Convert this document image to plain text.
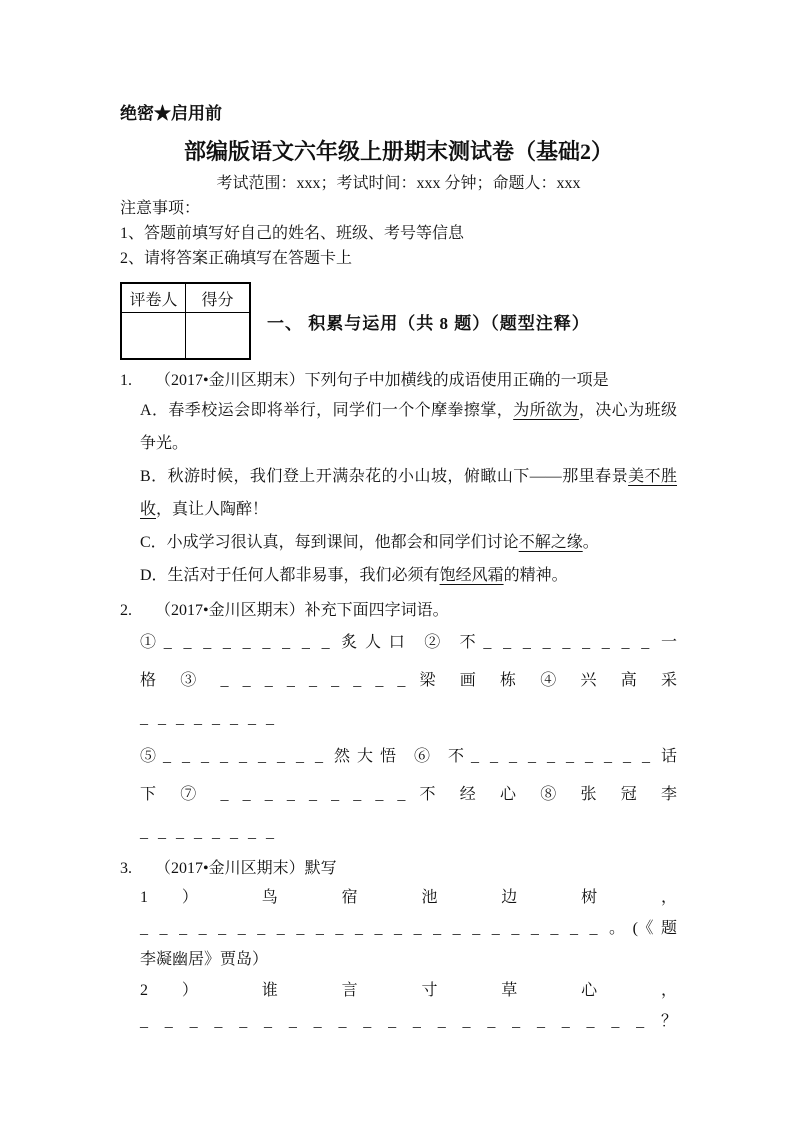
绝密★启用前
部编版语文六年级上册期末测试卷（基础2）
考试范围：xxx；考试时间：xxx 分钟；命题人：xxx
注意事项：
1、答题前填写好自己的姓名、班级、考号等信息
2、请将答案正确填写在答题卡上
评卷人	得分

一、 积累与运用（共 8 题）（题型注释）
1. （2017•金川区期末）下列句子中加横线的成语使用正确的一项是
A．春季校运会即将举行，同学们一个个摩拳擦掌，为所欲为，决心为班级争光。
B．秋游时候，我们登上开满杂花的小山坡，俯瞰山下——那里春景美不胜收，真让人陶醉！
C．小成学习很认真，每到课间，他都会和同学们讨论不解之缘。
D．生活对于任何人都非易事，我们必须有饱经风霜的精神。
2. （2017•金川区期末）补充下面四字词语。
①_ _ _ _ _ _ _ _ _ 炙人口 ② 不_ _ _ _ _ _ _ _ _ 一
格 ③ _ _ _ _ _ _ _ _ _ 梁 画 栋 ④ 兴 高 采
_ _ _ _ _ _ _ _
⑤_ _ _ _ _ _ _ _ _ 然大悟 ⑥ 不_ _ _ _ _ _ _ _ _ _ 话
下 ⑦ _ _ _ _ _ _ _ _ _ 不 经 心 ⑧ 张 冠 李
_ _ _ _ _ _ _ _
3. （2017•金川区期末）默写
1 ） 鸟 宿 池 边 树 ，
_ _ _ _ _ _ _ _ _ _ _ _ _ _ _ _ _ _ _ _ _ _ _ _ 。(《题
李凝幽居》贾岛）
2 ） 谁 言 寸 草 心 ，
_ _ _ _ _ _ _ _ _ _ _ _ _ _ _ _ _ _ _ _ _ ？
